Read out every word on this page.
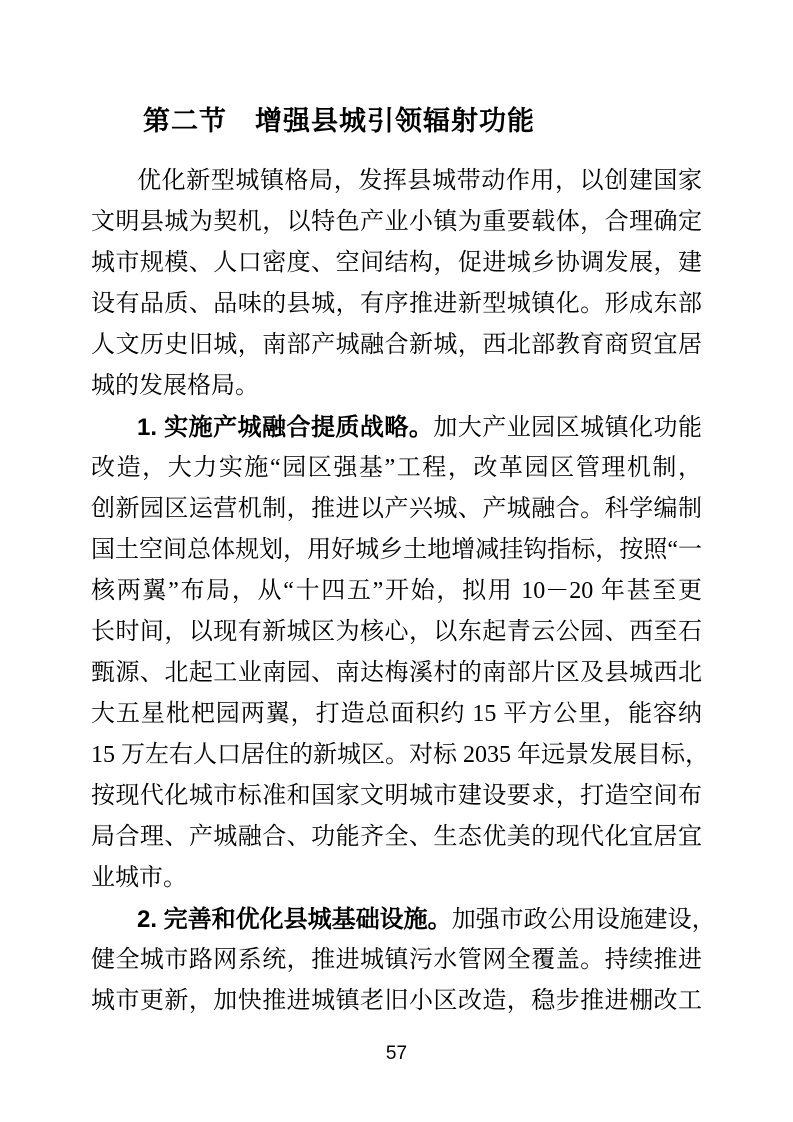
第二节　增强县城引领辐射功能
优化新型城镇格局，发挥县城带动作用，以创建国家
文明县城为契机，以特色产业小镇为重要载体，合理确定
城市规模、人口密度、空间结构，促进城乡协调发展，建
设有品质、品味的县城，有序推进新型城镇化。形成东部
人文历史旧城，南部产城融合新城，西北部教育商贸宜居
城的发展格局。
1. 实施产城融合提质战略。加大产业园区城镇化功能
改造，大力实施“园区强基”工程，改革园区管理机制，
创新园区运营机制，推进以产兴城、产城融合。科学编制
国土空间总体规划，用好城乡土地增减挂钩指标，按照“一
核两翼”布局，从“十四五”开始，拟用 10－20 年甚至更
长时间，以现有新城区为核心，以东起青云公园、西至石
甄源、北起工业南园、南达梅溪村的南部片区及县城西北
大五星枇杷园两翼，打造总面积约 15 平方公里，能容纳
15 万左右人口居住的新城区。对标 2035 年远景发展目标，
按现代化城市标准和国家文明城市建设要求，打造空间布
局合理、产城融合、功能齐全、生态优美的现代化宜居宜
业城市。
2. 完善和优化县城基础设施。加强市政公用设施建设，
健全城市路网系统，推进城镇污水管网全覆盖。持续推进
城市更新，加快推进城镇老旧小区改造，稳步推进棚改工
57
